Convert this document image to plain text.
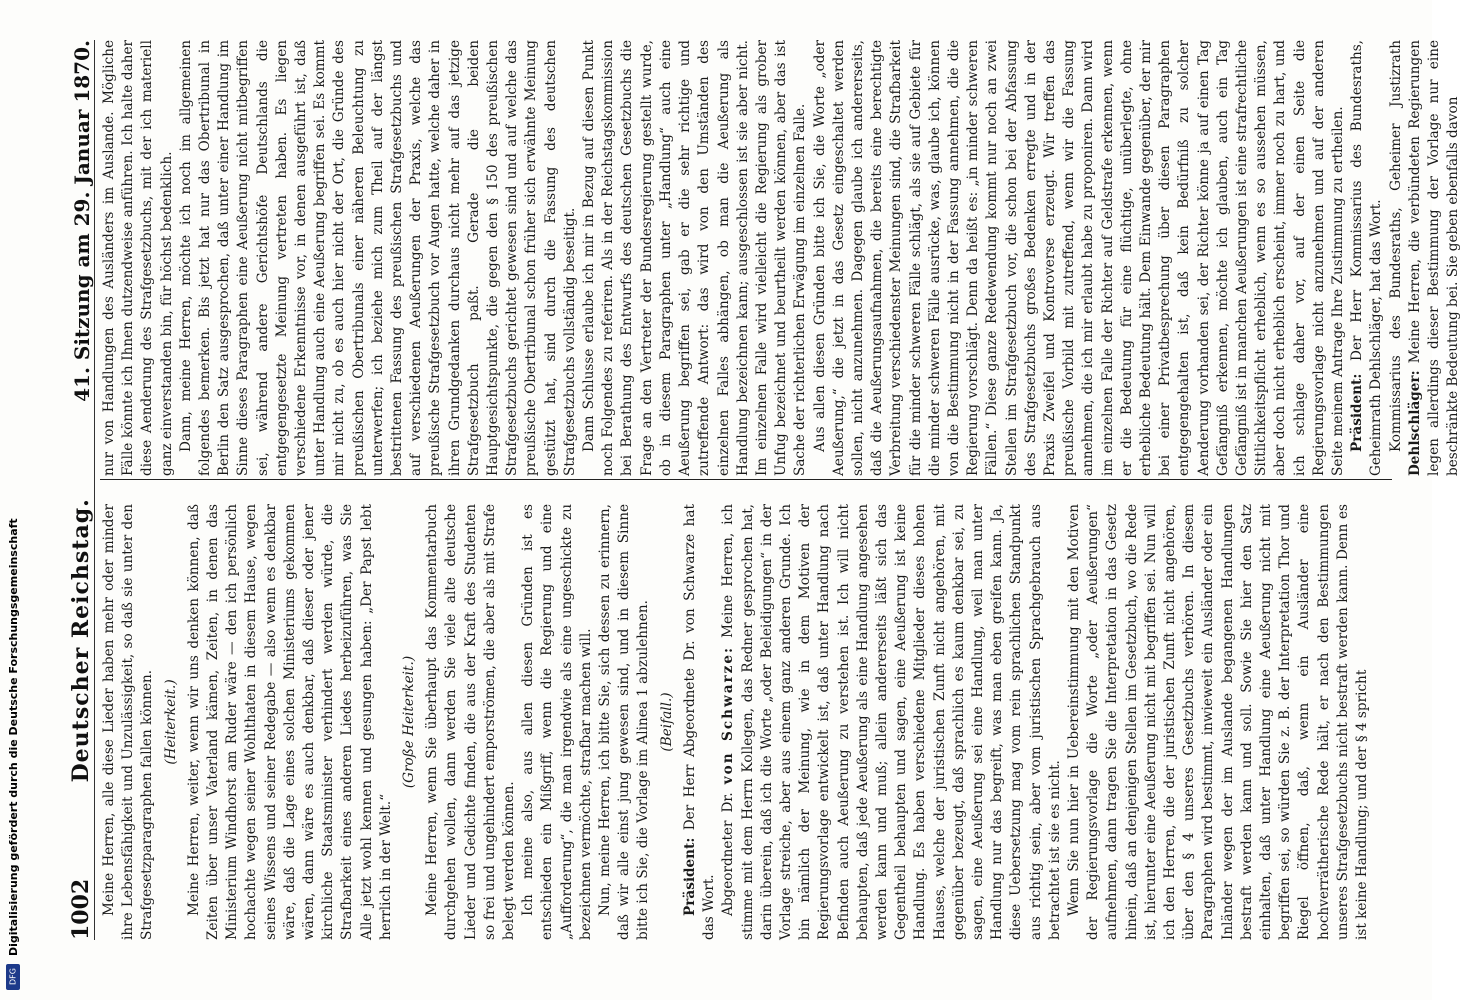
1002
Deutscher Reichstag.
41. Sitzung am 29. Januar 1870.

Meine Herren, alle diese Lieder haben mehr oder minder ihre Lebensfähigkeit und Unzulässigkeit, so daß sie unter den Strafgesetzparagraphen fallen können. (Heiterkeit.) Meine Herren, weiter, wenn wir uns denken können, daß Zeiten über unser Vaterland kämen, Zeiten, in denen das Ministerium Windhorst am Ruder wäre — den ich persönlich hochachte wegen seiner Wohlthaten in diesem Hause, wegen seines Wissens und seiner Redegabe — also wenn es denkbar wäre, daß die Lage eines solchen Ministeriums gekommen wären, dann wäre es auch denkbar, daß dieser oder jener kirchliche Staatsminister verhindert werden würde, die Strafbarkeit eines anderen Liedes herbeizuführen, was Sie Alle jetzt wohl kennen und gesungen haben: „Der Papst lebt herrlich in der Welt.“

(Große Heiterkeit.) Meine Herren, wenn Sie überhaupt das Kommentarbuch durchgehen wollen, dann werden Sie viele alte deutsche Lieder und Gedichte finden, die aus der Kraft des Studenten so frei und ungehindert emporströmen, die aber als mit Strafe belegt werden können. Ich meine also, aus allen diesen Gründen ist es entschieden ein Mißgriff, wenn die Regierung und eine „Aufforderung“, die man irgendwie als eine ungeschickte zu bezeichnen vermöchte, strafbar machen will. Nun, meine Herren, ich bitte Sie, sich dessen zu erinnern, daß wir alle einst jung gewesen sind, und in diesem Sinne bitte ich Sie, die Vorlage im Alinea 1 abzulehnen. (Beifall.)

Präsident: Der Herr Abgeordnete Dr. von Schwarze hat das Wort. Abgeordneter Dr. von Schwarze: Meine Herren, ich stimme mit dem Herrn Kollegen, das Redner gesprochen hat, darin überein, daß ich die Worte „oder Beleidigungen“ in der Vorlage streiche, aber aus einem ganz anderen Grunde. Ich bin nämlich der Meinung, wie in dem Motiven der Regierungsvorlage entwickelt ist, daß unter Handlung nach Befinden auch Aeußerung zu verstehen ist. Ich will nicht behaupten, daß jede Aeußerung als eine Handlung angesehen werden kann und muß; allein andererseits läßt sich das Gegentheil behaupten und sagen, eine Aeußerung ist keine Handlung. Es haben verschiedene Mitglieder dieses hohen Hauses, welche der juristischen Zunft nicht angehören, mit gegenüber bezeugt, daß sprachlich es kaum denkbar sei, zu sagen, eine Aeußerung sei eine Handlung, weil man unter Handlung nur das begreift, was man eben greifen kann. Ja, diese Uebersetzung mag vom rein sprachlichen Standpunkt aus richtig sein, aber vom juristischen Sprachgebrauch aus betrachtet ist sie es nicht. Wenn Sie nun hier in Uebereinstimmung mit den Motiven der Regierungsvorlage die Worte „oder Aeußerungen“ aufnehmen, dann tragen Sie die Interpretation in das Gesetz hinein, daß an denjenigen Stellen im Gesetzbuch, wo die Rede ist, hierunter eine Aeußerung nicht mit begriffen sei. Nun will ich den Herren, die der juristischen Zunft nicht angehören, über den § 4 unseres Gesetzbuchs verhören. In diesem Paragraphen wird bestimmt, inwieweit ein Ausländer oder ein Inländer wegen der im Auslande begangenen Handlungen bestraft werden kann und soll. Sowie Sie hier den Satz einhalten, daß unter Handlung eine Aeußerung nicht mit begriffen sei, so würden Sie z. B. der Interpretation Thor und Riegel öffnen, daß, wenn ein Ausländer eine hochverrätherische Rede hält, er nach den Bestimmungen unseres Strafgesetzbuchs nicht bestraft werden kann. Denn es ist keine Handlung; und der § 4 spricht

nur von Handlungen des Ausländers im Auslande. Mögliche Fälle könnte ich Ihnen dutzendweise anführen. Ich halte daher diese Aenderung des Strafgesetzbuchs, mit der ich materiell ganz einverstanden bin, für höchst bedenklich. Dann, meine Herren, möchte ich noch im allgemeinen folgendes bemerken. Bis jetzt hat nur das Obertribunal in Berlin den Satz ausgesprochen, daß unter einer Handlung im Sinne dieses Paragraphen eine Aeußerung nicht mitbegriffen sei, während andere Gerichtshöfe Deutschlands die entgegengesetzte Meinung vertreten haben. Es liegen verschiedene Erkenntnisse vor, in denen ausgeführt ist, daß unter Handlung auch eine Aeußerung begriffen sei. Es kommt mir nicht zu, ob es auch hier nicht der Ort, die Gründe des preußischen Obertribunals einer näheren Beleuchtung zu unterwerfen; ich beziehe mich zum Theil auf der längst bestrittenen Fassung des preußischen Strafgesetzbuchs und auf verschiedenen Aeußerungen der Praxis, welche das preußische Strafgesetzbuch vor Augen hatte, welche daher in ihren Grundgedanken durchaus nicht mehr auf das jetzige Strafgesetzbuch paßt. Gerade die beiden Hauptgesichtspunkte, die gegen den § 150 des preußischen Strafgesetzbuchs gerichtet gewesen sind und auf welche das preußische Obertribunal schon früher sich erwähnte Meinung gestützt hat, sind durch die Fassung des deutschen Strafgesetzbuchs vollständig beseitigt. Dann Schlusse erlaube ich mir in Bezug auf diesen Punkt noch Folgendes zu referiren. Als in der Reichstagskommission bei Berathung des Entwurfs des deutschen Gesetzbuchs die Frage an den Vertreter der Bundesregierung gestellt wurde, ob in diesem Paragraphen unter „Handlung“ auch eine Aeußerung begriffen sei, gab er die sehr richtige und zutreffende Antwort: das wird von den Umständen des einzelnen Falles abhängen, ob man die Aeußerung als Handlung bezeichnen kann; ausgeschlossen ist sie aber nicht. Im einzelnen Falle wird vielleicht die Regierung als grober Unfug bezeichnet und beurtheilt werden können, aber das ist Sache der richterlichen Erwägung im einzelnen Falle. Aus allen diesen Gründen bitte ich Sie, die Worte „oder Aeußerung,“ die jetzt in das Gesetz eingeschaltet werden sollen, nicht anzunehmen. Dagegen glaube ich andererseits, daß die Aeußerungsaufnahmen, die bereits eine berechtigte Verbreitung verschiedenster Meinungen sind, die Strafbarkeit für die minder schweren Fälle schlägt, als sie auf Gebiete für die minder schweren Fälle ausrücke, was, glaube ich, können von die Bestimmung nicht in der Fassung annehmen, die die Regierung vorschlägt. Denn da heißt es: „in minder schweren Fällen.“ Diese ganze Redewendung kommt nur noch an zwei Stellen im Strafgesetzbuch vor, die schon bei der Abfassung des Strafgesetzbuchs großes Bedenken erregte und in der Praxis Zweifel und Kontroverse erzeugt. Wir treffen das preußische Vorbild mit zutreffend, wenn wir die Fassung annehmen, die ich mir erlaubt habe zu proponiren. Dann wird im einzelnen Falle der Richter auf Geldstrafe erkennen, wenn er die Bedeutung für eine flüchtige, unüberlegte, ohne erhebliche Bedeutung hält. Dem Einwande gegenüber, der mir bei einer Privatbesprechung über diesen Paragraphen entgegengehalten ist, daß kein Bedürfniß zu solcher Aenderung vorhanden sei, der Richter könne ja auf einen Tag Gefängniß erkennen, möchte ich glauben, auch ein Tag Gefängniß ist in manchen Aeußerungen ist eine strafrechtliche Sittlichkeitspflicht erheblich, wenn es so aussehen müssen, aber doch nicht erheblich erscheint, immer noch zu hart, und ich schlage daher vor, auf der einen Seite die Regierungsvorlage nicht anzunehmen und auf der anderen Seite meinem Antrage Ihre Zustimmung zu ertheilen. Präsident: Der Herr Kommissarius des Bundesraths, Geheimrath Dehlschläger, hat das Wort. Kommissarius des Bundesraths, Geheimer Justizrath Dehlschläger: Meine Herren, die verbündeten Regierungen legen allerdings dieser Bestimmung der Vorlage nur eine beschränkte Bedeutung bei. Sie geben ebenfalls davon

DFG
Digitalisierung gefördert durch die Deutsche Forschungsgemeinschaft
